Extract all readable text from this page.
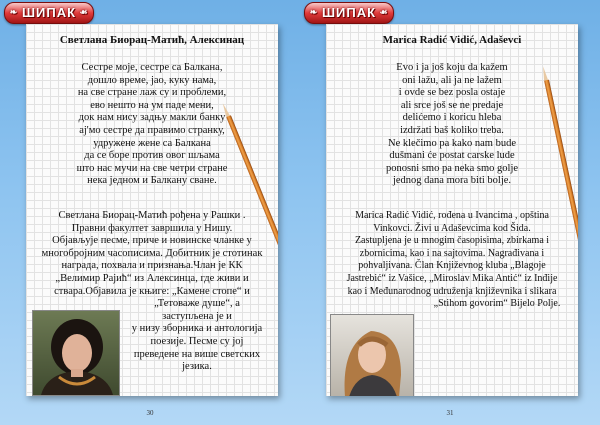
❧ ШИПАК ☙
Светлана Биорац-Матић, Алексинац
Сестре моје, сестре са Балкана,
дошло време, јао, куку нама,
на све стране лаж су и проблеми,
ево нешто на ум паде мени,
док нам нису задњу макли банку
aj'мо сестре да правимо странку,
удружене жене са Балкана
да се боре против овог шљама
што нас мучи на све четри стране
нека једном и Балкану сване.
Светлана Биорац-Матић рођена у Рашки .
Правни факултет завршила у Нишу.
Објављује песме, приче и новинске чланке у
многобројним часописима. Добитник је стотинак
наградa, похвала и признања.Члан је КК
„Велимир Рајић“ из Алексинца, где живи и
ствара.Објавила је књиге: „Камене стопе“ и
„Тетоваже душе“, а
заступљена је и
у низу зборника и антологија
поезије. Песме су јој
преведене на више светских
језика.
30
❧ ШИПАК ☙
Marica Radić Vidić, Adaševci
Evo i ja još koju da kažem
oni lažu, ali ja ne lažem
i ovde se bez posla ostaje
ali srce još se ne predaje
delićemo i koricu hleba
izdržati baš koliko treba.
Ne klečimo pa kako nam bude
dušmani će postat carske lude
ponosni smo pa neka smo golje
jednog dana mora biti bolje.
Marica Radić Vidić, rođena u Ivancima , opština
Vinkovci. Živi u Adaševcima kod Šida.
Zastupljena je u mnogim časopisima, zbirkama i
zbornicima, kao i na sajtovima. Nagrađivana i
pohvaljivana. Član Književnog kluba „Blagoje
Jastrebić“ iz Vašice, „Miroslav Mika Antić“ iz Inđije
kao i Međunarodnog udruženja književnika i slikara
„Stihom govorim“ Bijelo Polje.
31
